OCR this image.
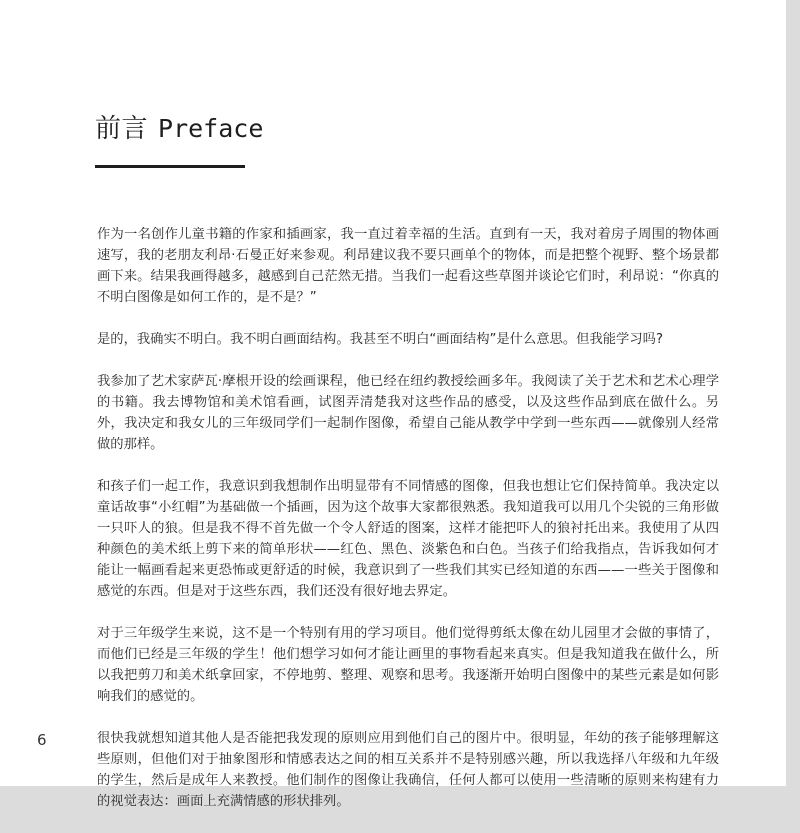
前言 Preface

作为一名创作儿童书籍的作家和插画家，我一直过着幸福的生活。直到有一天，我对着房子周围的物体画速写，我的老朋友利昂·石曼正好来参观。利昂建议我不要只画单个的物体，而是把整个视野、整个场景都画下来。结果我画得越多，越感到自己茫然无措。当我们一起看这些草图并谈论它们时，利昂说：“你真的不明白图像是如何工作的，是不是？”

是的，我确实不明白。我不明白画面结构。我甚至不明白“画面结构”是什么意思。但我能学习吗?

我参加了艺术家萨瓦·摩根开设的绘画课程，他已经在纽约教授绘画多年。我阅读了关于艺术和艺术心理学的书籍。我去博物馆和美术馆看画，试图弄清楚我对这些作品的感受，以及这些作品到底在做什么。另外，我决定和我女儿的三年级同学们一起制作图像，希望自己能从教学中学到一些东西——就像别人经常做的那样。

和孩子们一起工作，我意识到我想制作出明显带有不同情感的图像，但我也想让它们保持简单。我决定以童话故事“小红帽”为基础做一个插画，因为这个故事大家都很熟悉。我知道我可以用几个尖锐的三角形做一只吓人的狼。但是我不得不首先做一个令人舒适的图案，这样才能把吓人的狼衬托出来。我使用了从四种颜色的美术纸上剪下来的简单形状——红色、黑色、淡紫色和白色。当孩子们给我指点，告诉我如何才能让一幅画看起来更恐怖或更舒适的时候，我意识到了一些我们其实已经知道的东西——一些关于图像和感觉的东西。但是对于这些东西，我们还没有很好地去界定。

对于三年级学生来说，这不是一个特别有用的学习项目。他们觉得剪纸太像在幼儿园里才会做的事情了，而他们已经是三年级的学生！他们想学习如何才能让画里的事物看起来真实。但是我知道我在做什么，所以我把剪刀和美术纸拿回家，不停地剪、整理、观察和思考。我逐渐开始明白图像中的某些元素是如何影响我们的感觉的。

很快我就想知道其他人是否能把我发现的原则应用到他们自己的图片中。很明显，年幼的孩子能够理解这些原则，但他们对于抽象图形和情感表达之间的相互关系并不是特别感兴趣，所以我选择八年级和九年级的学生，然后是成年人来教授。他们制作的图像让我确信，任何人都可以使用一些清晰的原则来构建有力的视觉表达：画面上充满情感的形状排列。

6
